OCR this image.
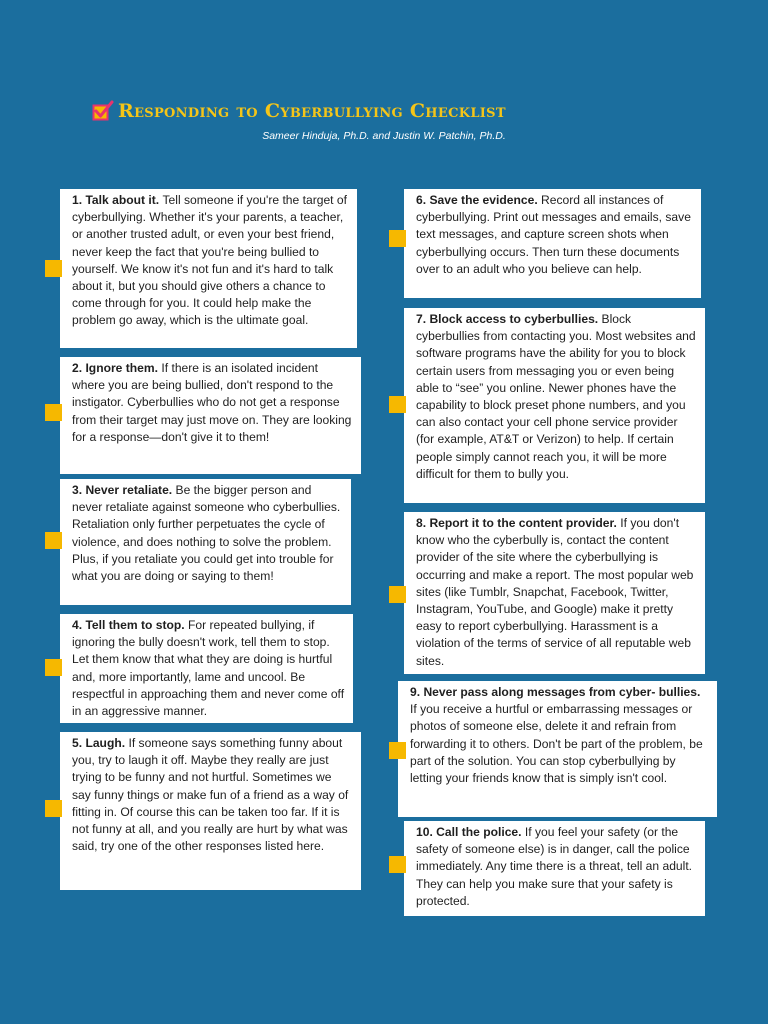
Responding to Cyberbullying Checklist
Sameer Hinduja, Ph.D. and Justin W. Patchin, Ph.D.
1. Talk about it. Tell someone if you're the target of cyberbullying. Whether it's your parents, a teacher, or another trusted adult, or even your best friend, never keep the fact that you're being bullied to yourself. We know it's not fun and it's hard to talk about it, but you should give others a chance to come through for you. It could help make the problem go away, which is the ultimate goal.
2. Ignore them. If there is an isolated incident where you are being bullied, don't respond to the instigator. Cyberbullies who do not get a response from their target may just move on. They are looking for a response—don't give it to them!
3. Never retaliate. Be the bigger person and never retaliate against someone who cyberbullies. Retaliation only further perpetuates the cycle of violence, and does nothing to solve the problem. Plus, if you retaliate you could get into trouble for what you are doing or saying to them!
4. Tell them to stop. For repeated bullying, if ignoring the bully doesn't work, tell them to stop. Let them know that what they are doing is hurtful and, more importantly, lame and uncool. Be respectful in approaching them and never come off in an aggressive manner.
5. Laugh. If someone says something funny about you, try to laugh it off. Maybe they really are just trying to be funny and not hurtful. Sometimes we say funny things or make fun of a friend as a way of fitting in. Of course this can be taken too far. If it is not funny at all, and you really are hurt by what was said, try one of the other responses listed here.
6. Save the evidence. Record all instances of cyberbullying. Print out messages and emails, save text messages, and capture screen shots when cyberbullying occurs. Then turn these documents over to an adult who you believe can help.
7. Block access to cyberbullies. Block cyberbullies from contacting you. Most websites and software programs have the ability for you to block certain users from messaging you or even being able to “see” you online. Newer phones have the capability to block preset phone numbers, and you can also contact your cell phone service provider (for example, AT&T or Verizon) to help. If certain people simply cannot reach you, it will be more difficult for them to bully you.
8. Report it to the content provider. If you don't know who the cyberbully is, contact the content provider of the site where the cyberbullying is occurring and make a report. The most popular web sites (like Tumblr, Snapchat, Facebook, Twitter, Instagram, YouTube, and Google) make it pretty easy to report cyberbullying. Harassment is a violation of the terms of service of all reputable web sites.
9. Never pass along messages from cyber- bullies. If you receive a hurtful or embarrassing messages or photos of someone else, delete it and refrain from forwarding it to others. Don't be part of the problem, be part of the solution. You can stop cyberbullying by letting your friends know that is simply isn't cool.
10. Call the police. If you feel your safety (or the safety of someone else) is in danger, call the police immediately. Any time there is a threat, tell an adult. They can help you make sure that your safety is protected.
